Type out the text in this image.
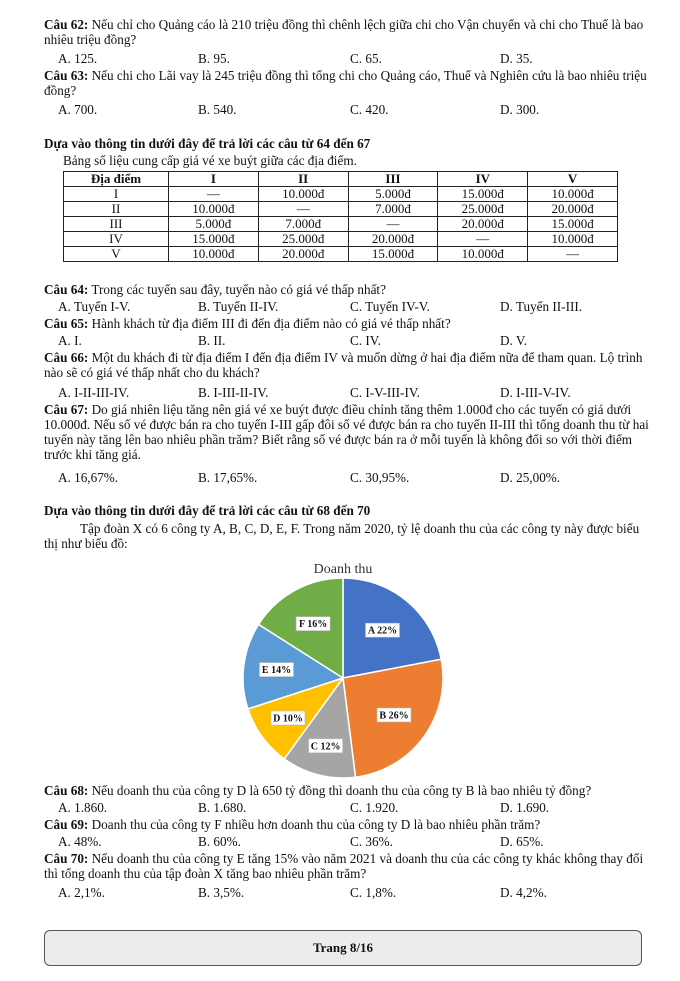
Câu 62: Nếu chỉ cho Quảng cáo là 210 triệu đồng thì chênh lệch giữa chi cho Vận chuyển và chi cho Thuế là bao nhiêu triệu đồng?
A. 125.	B. 95.	C. 65.	D. 35.
Câu 63: Nếu chi cho Lãi vay là 245 triệu đồng thì tổng chi cho Quảng cáo, Thuế và Nghiên cứu là bao nhiêu triệu đồng?
A. 700.	B. 540.	C. 420.	D. 300.
Dựa vào thông tin dưới đây để trả lời các câu từ 64 đến 67
Bảng số liệu cung cấp giá vé xe buýt giữa các địa điểm.
Địa điểm	I	II	III	IV	V
I	—	10.000đ	5.000đ	15.000đ	10.000đ
II	10.000đ	—	7.000đ	25.000đ	20.000đ
III	5.000đ	7.000đ	—	20.000đ	15.000đ
IV	15.000đ	25.000đ	20.000đ	—	10.000đ
V	10.000đ	20.000đ	15.000đ	10.000đ	—
Câu 64: Trong các tuyến sau đây, tuyến nào có giá vé thấp nhất?
A. Tuyến I-V.	B. Tuyến II-IV.	C. Tuyến IV-V.	D. Tuyến II-III.
Câu 65: Hành khách từ địa điểm III đi đến địa điểm nào có giá vé thấp nhất?
A. I.	B. II.	C. IV.	D. V.
Câu 66: Một du khách đi từ địa điểm I đến địa điểm IV và muốn dừng ở hai địa điểm nữa để tham quan. Lộ trình nào sẽ có giá vé thấp nhất cho du khách?
A. I-II-III-IV.	B. I-III-II-IV.	C. I-V-III-IV.	D. I-III-V-IV.
Câu 67: Do giá nhiên liệu tăng nên giá vé xe buýt được điều chỉnh tăng thêm 1.000đ cho các tuyến có giá dưới 10.000đ. Nếu số vé được bán ra cho tuyến I-III gấp đôi số vé được bán ra cho tuyến II-III thì tổng doanh thu từ hai tuyến này tăng lên bao nhiêu phần trăm? Biết rằng số vé được bán ra ở mỗi tuyến là không đổi so với thời điểm trước khi tăng giá.
A. 16,67%.	B. 17,65%.	C. 30,95%.	D. 25,00%.
Dựa vào thông tin dưới đây để trả lời các câu từ 68 đến 70
Tập đoàn X có 6 công ty A, B, C, D, E, F. Trong năm 2020, tỷ lệ doanh thu của các công ty này được biểu thị như biểu đồ:
Doanh thu
A 22%
B 26%
C 12%
D 10%
E 14%
F 16%
Câu 68: Nếu doanh thu của công ty D là 650 tỷ đồng thì doanh thu của công ty B là bao nhiêu tỷ đồng?
A. 1.860.	B. 1.680.	C. 1.920.	D. 1.690.
Câu 69: Doanh thu của công ty F nhiều hơn doanh thu của công ty D là bao nhiêu phần trăm?
A. 48%.	B. 60%.	C. 36%.	D. 65%.
Câu 70: Nếu doanh thu của công ty E tăng 15% vào năm 2021 và doanh thu của các công ty khác không thay đổi thì tổng doanh thu của tập đoàn X tăng bao nhiêu phần trăm?
A. 2,1%.	B. 3,5%.	C. 1,8%.	D. 4,2%.
Trang 8/16
